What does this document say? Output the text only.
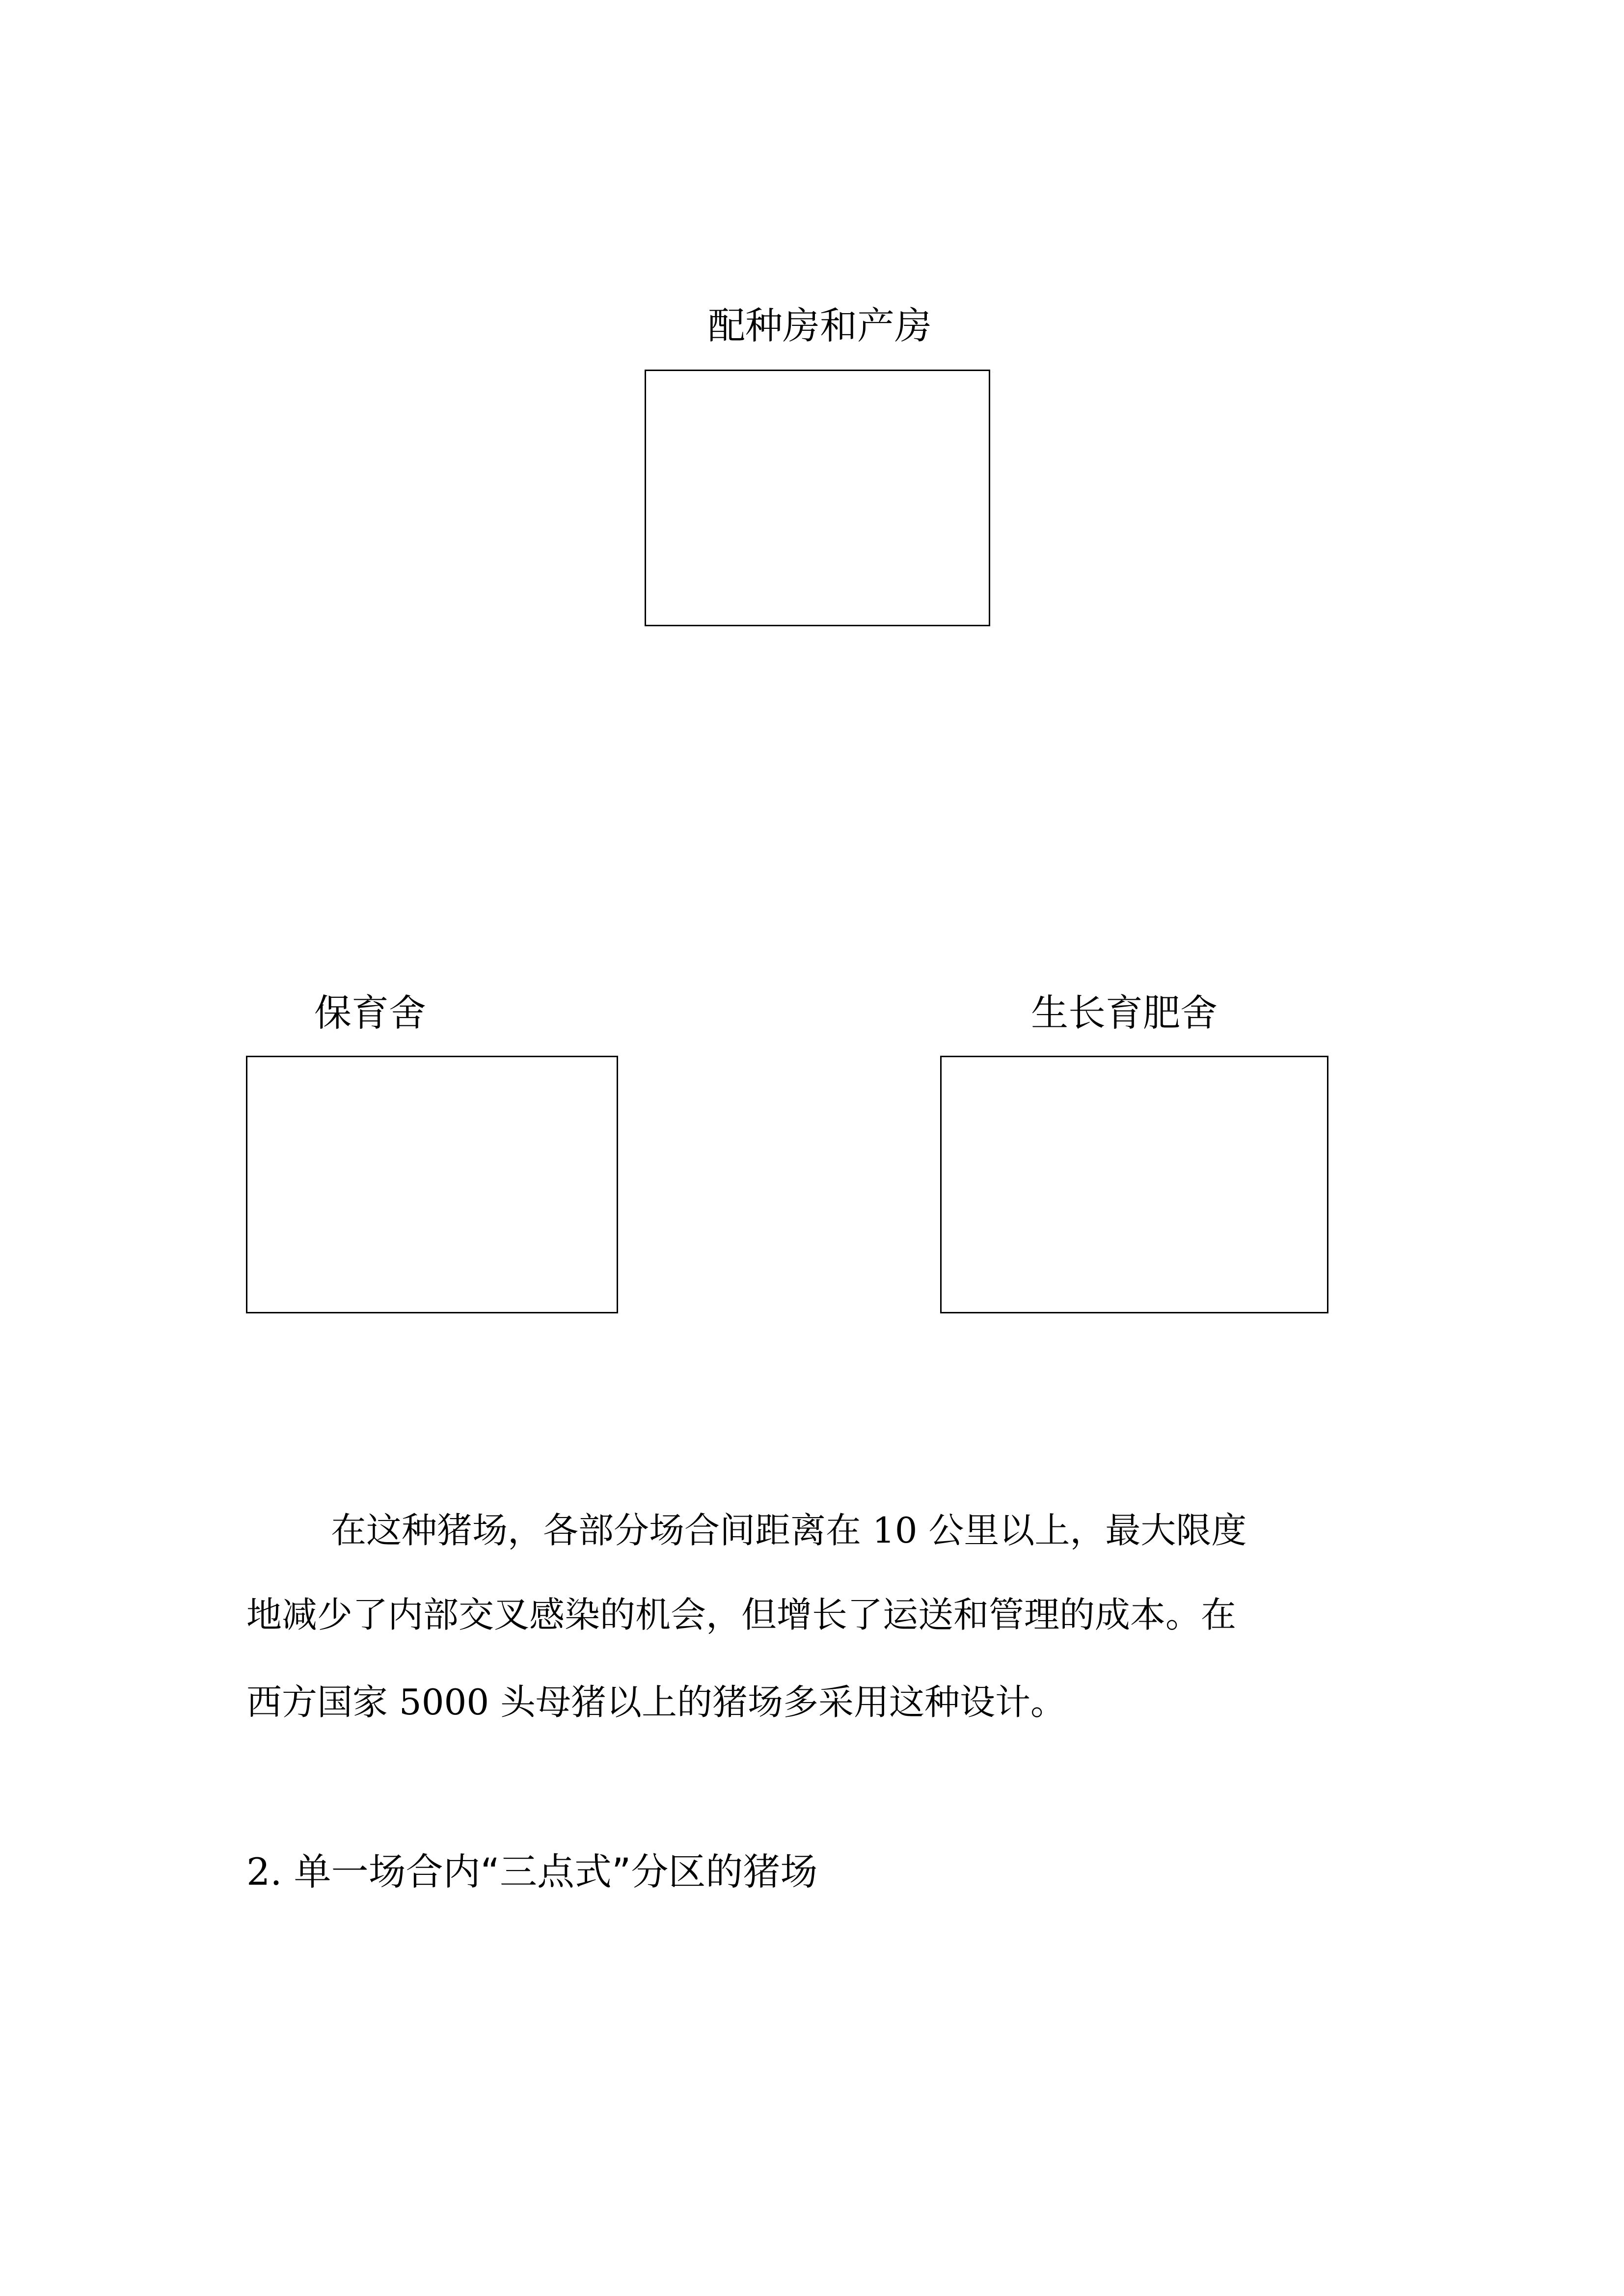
配种房和产房
保育舍	生长育肥舍
在这种猪场，各部分场合间距离在 10 公里以上，最大限度
地减少了内部交叉感染的机会，但增长了运送和管理的成本。在
西方国家 5000 头母猪以上的猪场多采用这种设计。
2. 单一场合内“三点式”分区的猪场
